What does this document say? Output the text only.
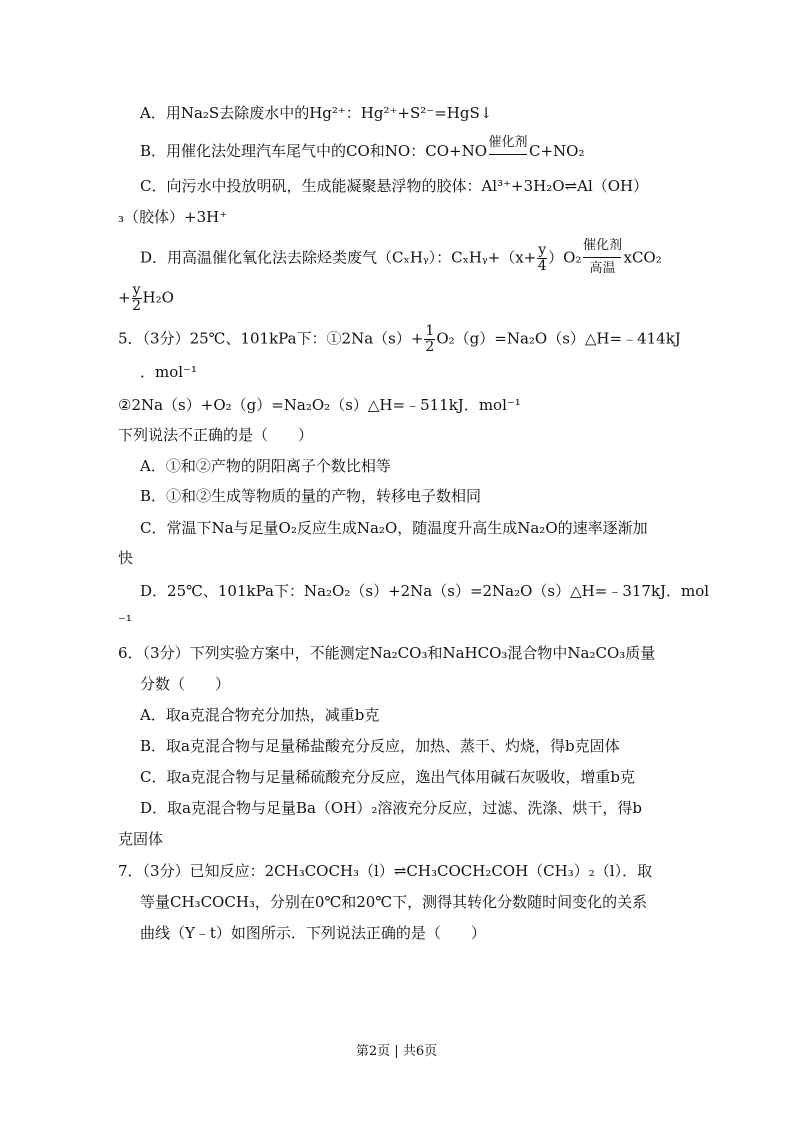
A．用Na₂S去除废水中的Hg²⁺：Hg²⁺+S²⁻=HgS↓
B．用催化法处理汽车尾气中的CO和NO：CO+NO 催化剂 C+NO₂
C．向污水中投放明矾，生成能凝聚悬浮物的胶体：Al³⁺+3H₂O⇌Al（OH）
₃（胶体）+3H⁺
D．用高温催化氧化法去除烃类废气（CₓHᵧ）：CₓHᵧ+（x+ $\frac{y}{4} )O_2$
催化剂
高温
xCO₂
+ $\frac{y}{2} H_2O$
5．（3分）25℃、101kPa下：①2Na（s）+ $\frac{1}{2}$ O₂（g）=Na₂O（s）△H=﹣414kJ
．mol⁻¹
②2Na（s）+O₂（g）=Na₂O₂（s）△H=﹣511kJ．mol⁻¹
下列说法不正确的是（　　）
A．①和②产物的阴阳离子个数比相等
B．①和②生成等物质的量的产物，转移电子数相同
C．常温下Na与足量O₂反应生成Na₂O，随温度升高生成Na₂O的速率逐渐加
快
D．25℃、101kPa下：Na₂O₂（s）+2Na（s）=2Na₂O（s）△H=﹣317kJ．mol
⁻¹
6．（3分）下列实验方案中，不能测定Na₂CO₃和NaHCO₃混合物中Na₂CO₃质量
分数（　　）
A．取a克混合物充分加热，减重b克
B．取a克混合物与足量稀盐酸充分反应，加热、蒸干、灼烧，得b克固体
C．取a克混合物与足量稀硫酸充分反应，逸出气体用碱石灰吸收，增重b克
D．取a克混合物与足量Ba（OH）₂溶液充分反应，过滤、洗涤、烘干，得b
克固体
7．（3分）已知反应：2CH₃COCH₃（l）⇌CH₃COCH₂COH（CH₃）₂（l）．取
等量CH₃COCH₃，分别在0℃和20℃下，测得其转化分数随时间变化的关系
曲线（Y﹣t）如图所示．下列说法正确的是（　　）
第2页 | 共6页
